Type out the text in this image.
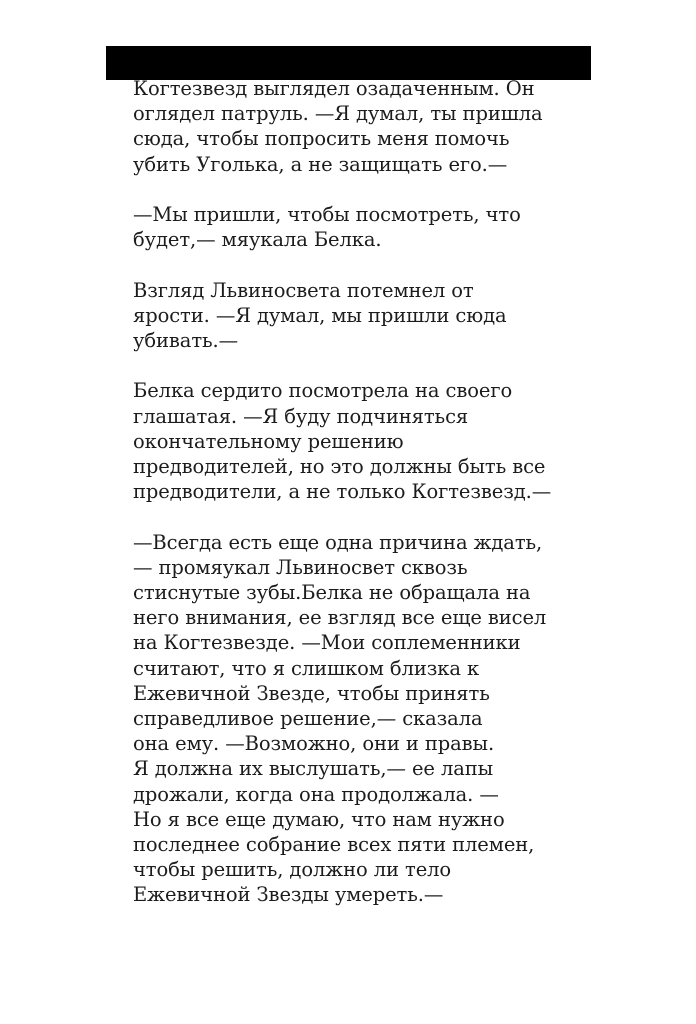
Когтезвезд выглядел озадаченным. Он
оглядел патруль. —Я думал, ты пришла
сюда, чтобы попросить меня помочь
убить Уголька, а не защищать его.—

—Мы пришли, чтобы посмотреть, что
будет,— мяукала Белка.

Взгляд Львиносвета потемнел от
ярости. —Я думал, мы пришли сюда
убивать.—

Белка сердито посмотрела на своего
глашатая. —Я буду подчиняться
окончательному решению
предводителей, но это должны быть все
предводители, а не только Когтезвезд.—

—Всегда есть еще одна причина ждать,
— промяукал Львиносвет сквозь
стиснутые зубы.Белка не обращала на
него внимания, ее взгляд все еще висел
на Когтезвезде. —Мои соплеменники
считают, что я слишком близка к
Ежевичной Звезде, чтобы принять
справедливое решение,— сказала
она ему. —Возможно, они и правы.
Я должна их выслушать,— ее лапы
дрожали, когда она продолжала. —
Но я все еще думаю, что нам нужно
последнее собрание всех пяти племен,
чтобы решить, должно ли тело
Ежевичной Звезды умереть.—
